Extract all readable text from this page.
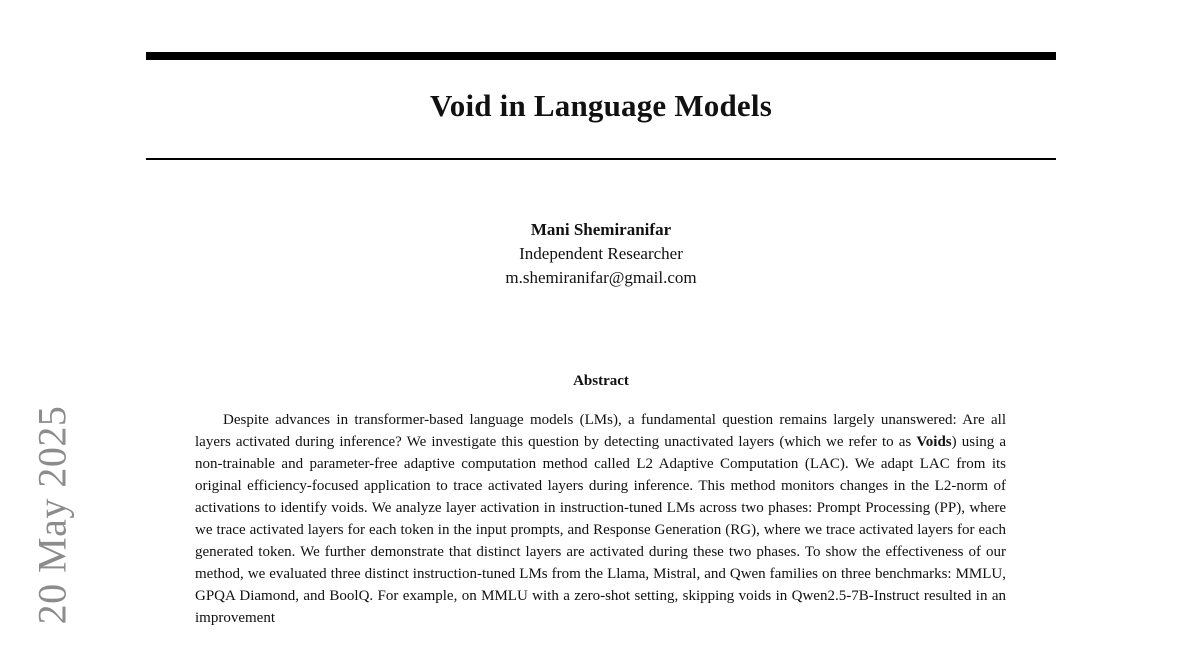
Void in Language Models
Mani Shemiranifar
Independent Researcher
m.shemiranifar@gmail.com
Abstract
Despite advances in transformer-based language models (LMs), a fundamental question remains largely unanswered: Are all layers activated during inference? We investigate this question by detecting unactivated layers (which we refer to as Voids) using a non-trainable and parameter-free adaptive computation method called L2 Adaptive Computation (LAC). We adapt LAC from its original efficiency-focused application to trace activated layers during inference. This method monitors changes in the L2-norm of activations to identify voids. We analyze layer activation in instruction-tuned LMs across two phases: Prompt Processing (PP), where we trace activated layers for each token in the input prompts, and Response Generation (RG), where we trace activated layers for each generated token. We further demonstrate that distinct layers are activated during these two phases. To show the effectiveness of our method, we evaluated three distinct instruction-tuned LMs from the Llama, Mistral, and Qwen families on three benchmarks: MMLU, GPQA Diamond, and BoolQ. For example, on MMLU with a zero-shot setting, skipping voids in Qwen2.5-7B-Instruct resulted in an improvement
20 May 2025
